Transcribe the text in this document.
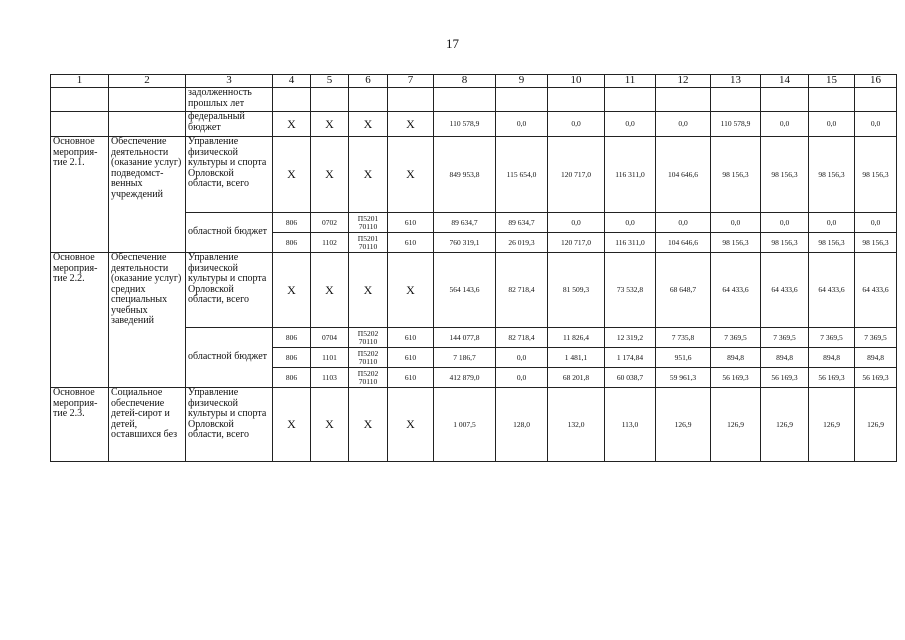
17
1	2	3	4	5	6	7	8	9	10	11	12	13	14	15	16
		задолженность прошлых лет													
		федеральный бюджет	X	X	X	X	110 578,9	0,0	0,0	0,0	0,0	110 578,9	0,0	0,0	0,0
Основное мероприя-тие 2.1.	Обеспечение деятельности (оказание услуг) подведомст-венных учреждений	Управление физической культуры и спорта Орловской области, всего	X	X	X	X	849 953,8	115 654,0	120 717,0	116 311,0	104 646,6	98 156,3	98 156,3	98 156,3	98 156,3
		областной бюджет	806	0702	П5201 70110	610	89 634,7	89 634,7	0,0	0,0	0,0	0,0	0,0	0,0	0,0
			806	1102	П5201 70110	610	760 319,1	26 019,3	120 717,0	116 311,0	104 646,6	98 156,3	98 156,3	98 156,3	98 156,3
Основное мероприя-тие 2.2.	Обеспечение деятельности (оказание услуг) средних специальных учебных заведений	Управление физической культуры и спорта Орловской области, всего	X	X	X	X	564 143,6	82 718,4	81 509,3	73 532,8	68 648,7	64 433,6	64 433,6	64 433,6	64 433,6
		областной бюджет	806	0704	П5202 70110	610	144 077,8	82 718,4	11 826,4	12 319,2	7 735,8	7 369,5	7 369,5	7 369,5	7 369,5
			806	1101	П5202 70110	610	7 186,7	0,0	1 481,1	1 174,84	951,6	894,8	894,8	894,8	894,8
			806	1103	П5202 70110	610	412 879,0	0,0	68 201,8	60 038,7	59 961,3	56 169,3	56 169,3	56 169,3	56 169,3
Основное мероприя-тие 2.3.	Социальное обеспечение детей-сирот и детей, оставшихся без	Управление физической культуры и спорта Орловской области, всего	X	X	X	X	1 007,5	128,0	132,0	113,0	126,9	126,9	126,9	126,9	126,9
